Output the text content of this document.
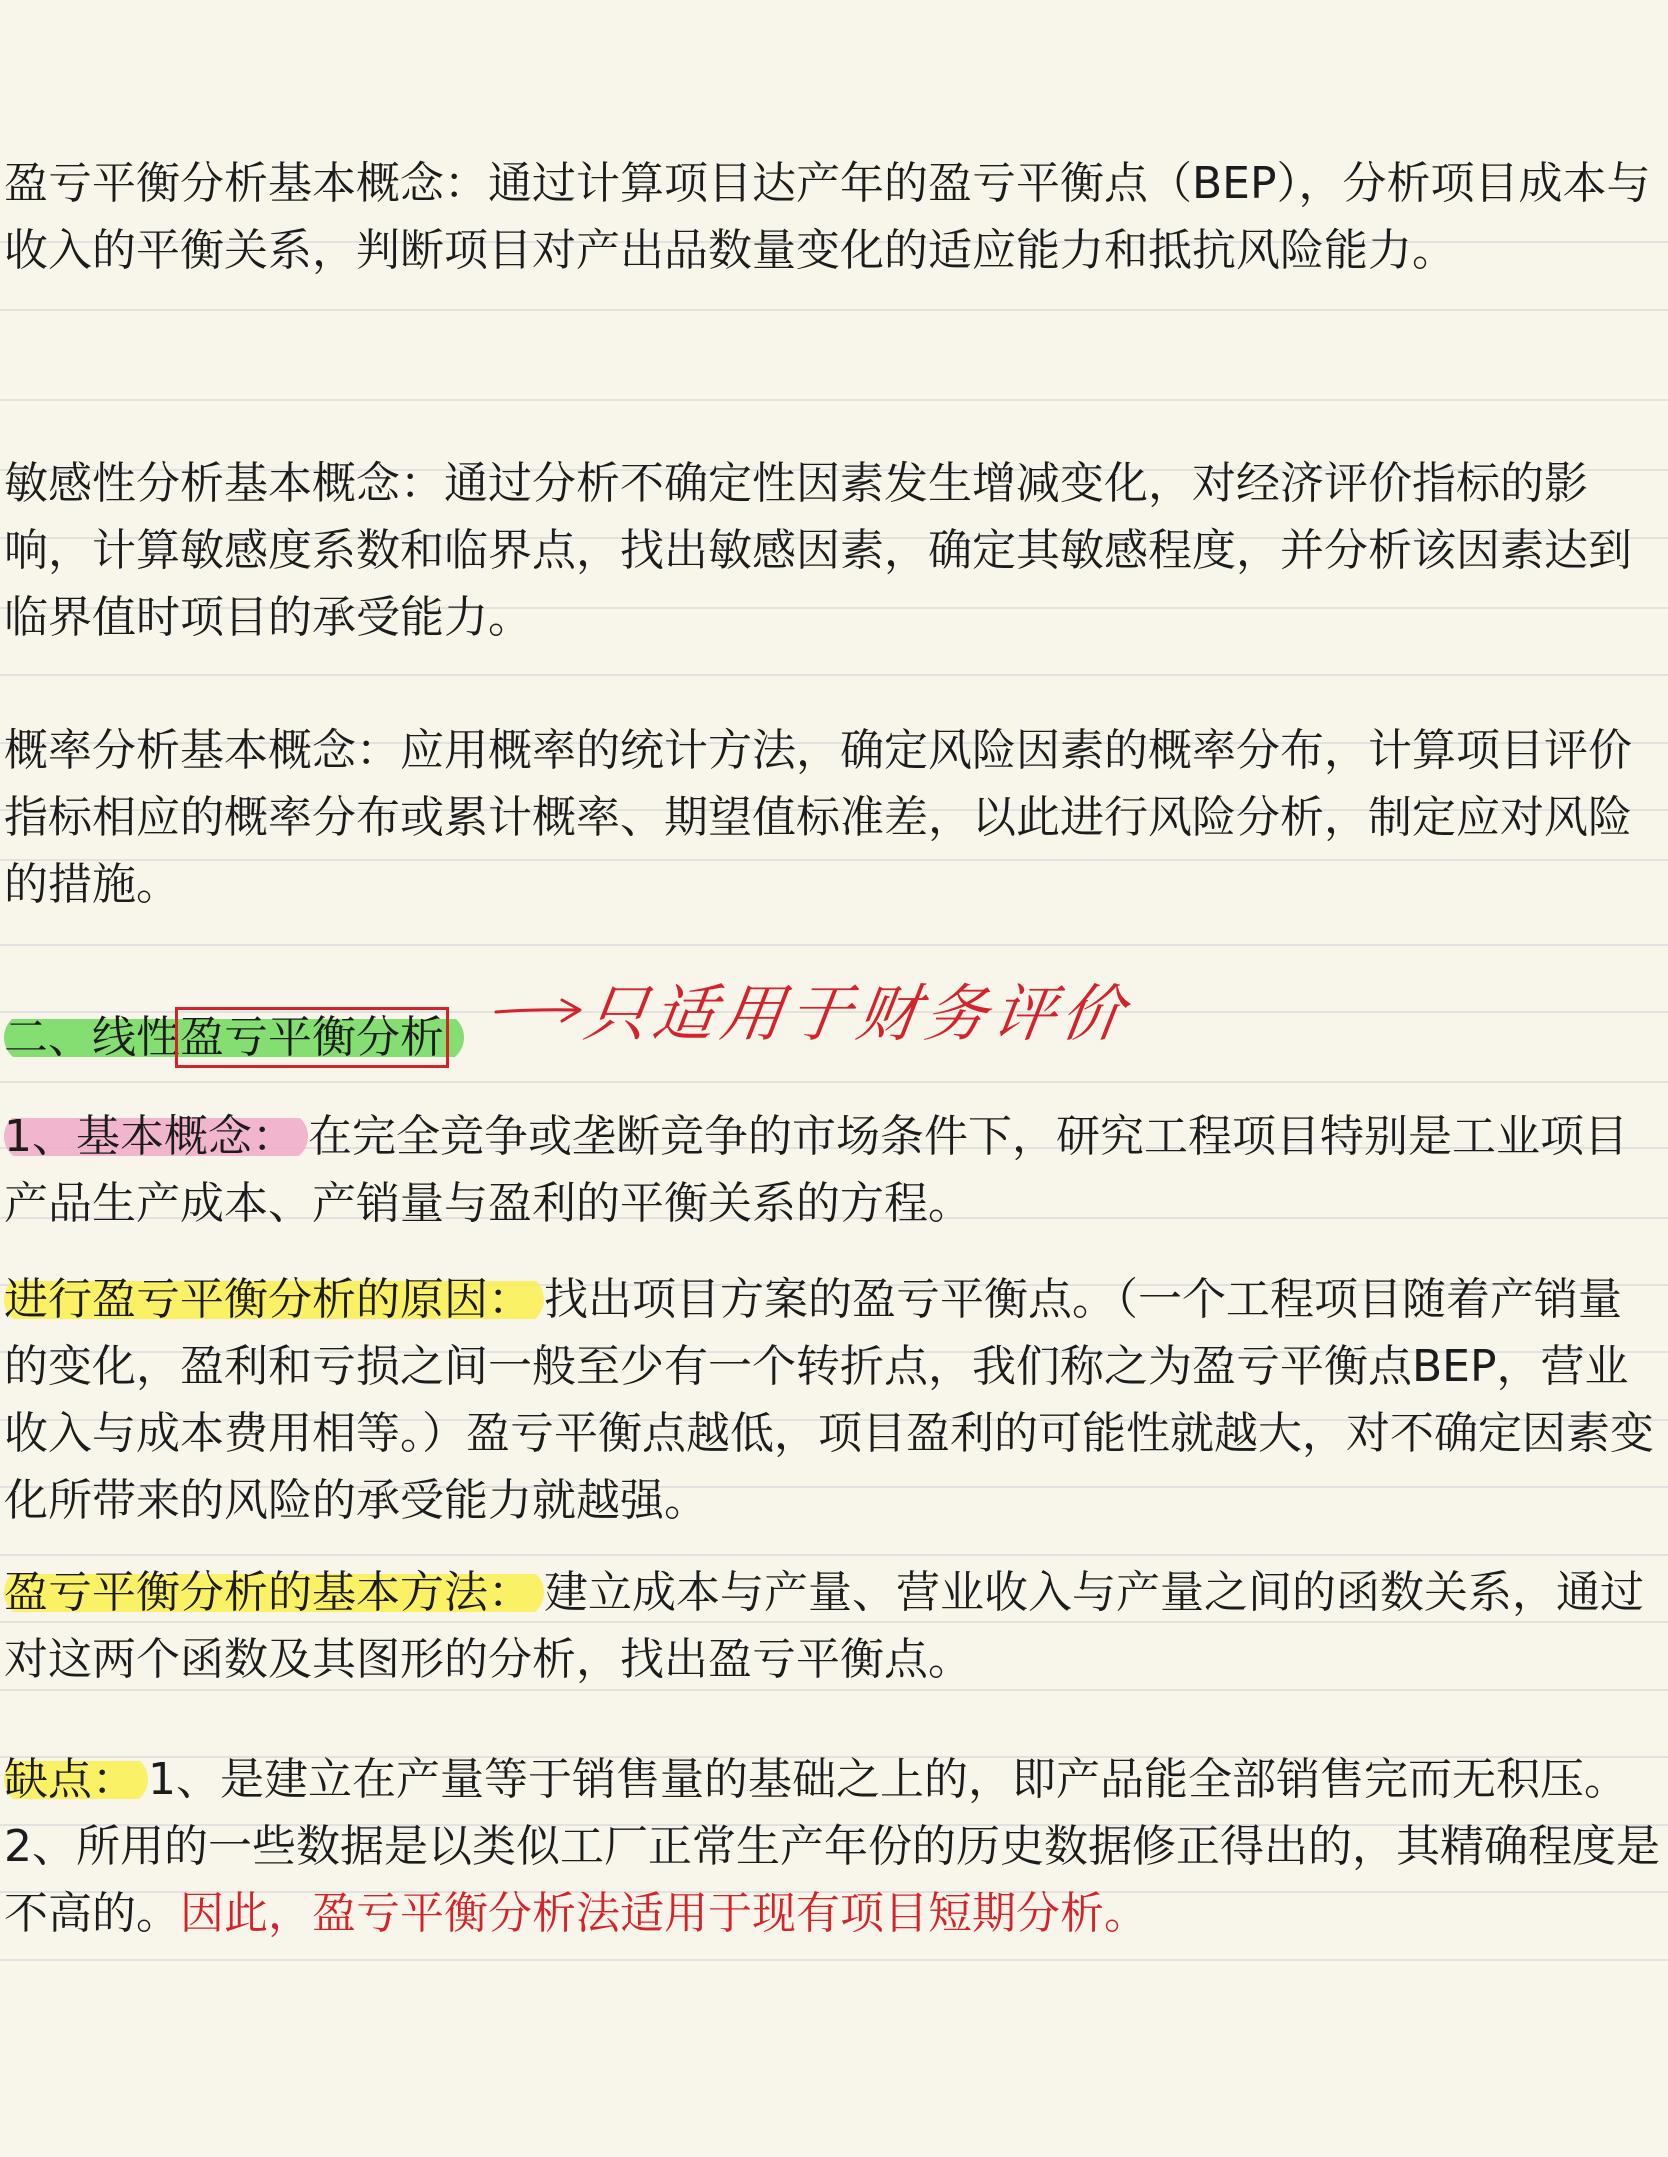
盈亏平衡分析基本概念：通过计算项目达产年的盈亏平衡点（BEP），分析项目成本与收入的平衡关系，判断项目对产出品数量变化的适应能力和抵抗风险能力。

敏感性分析基本概念：通过分析不确定性因素发生增减变化，对经济评价指标的影响，计算敏感度系数和临界点，找出敏感因素，确定其敏感程度，并分析该因素达到临界值时项目的承受能力。

概率分析基本概念：应用概率的统计方法，确定风险因素的概率分布，计算项目评价指标相应的概率分布或累计概率、期望值标准差，以此进行风险分析，制定应对风险的措施。

二、线性盈亏平衡分析	只适用于财务评价

1、基本概念： 在完全竞争或垄断竞争的市场条件下，研究工程项目特别是工业项目产品生产成本、产销量与盈利的平衡关系的方程。

进行盈亏平衡分析的原因： 找出项目方案的盈亏平衡点。（一个工程项目随着产销量的变化，盈利和亏损之间一般至少有一个转折点，我们称之为盈亏平衡点BEP，营业收入与成本费用相等。）盈亏平衡点越低，项目盈利的可能性就越大，对不确定因素变化所带来的风险的承受能力就越强。

盈亏平衡分析的基本方法： 建立成本与产量、营业收入与产量之间的函数关系，通过对这两个函数及其图形的分析，找出盈亏平衡点。

缺点： 1、是建立在产量等于销售量的基础之上的，即产品能全部销售完而无积压。2、所用的一些数据是以类似工厂正常生产年份的历史数据修正得出的，其精确程度是不高的。因此，盈亏平衡分析法适用于现有项目短期分析。
